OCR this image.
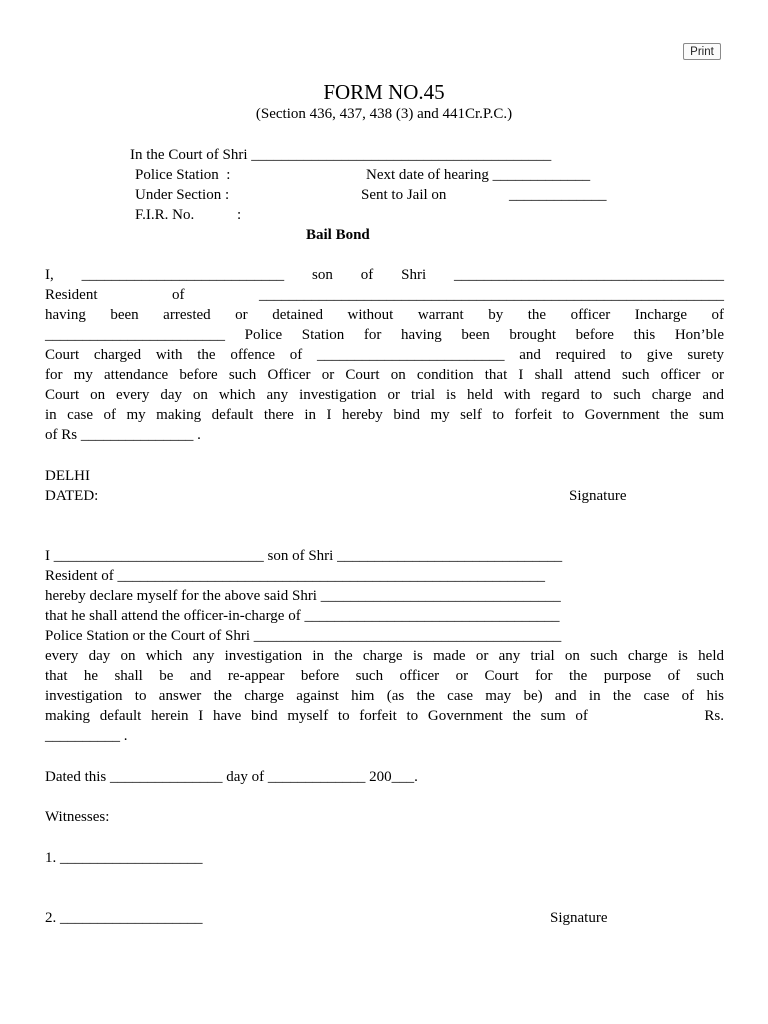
Print
FORM NO.45
(Section 436, 437, 438 (3) and 441Cr.P.C.)
In the Court of Shri ________________________________________
Police Station  :	Next date of hearing _____________
Under Section :	Sent to Jail on	_____________
F.I.R. No.	:
Bail Bond
I, ___________________________ son of Shri ____________________________________
Resident of ______________________________________________________________
having been arrested or detained without warrant by the officer Incharge of
________________________ Police Station for having been brought before this Hon’ble
Court charged with the offence of _________________________ and required to give surety
for my attendance before such Officer or Court on condition that I shall attend such officer or
Court on every day on which any investigation or trial is held with regard to such charge and
in case of my making default there in I hereby bind my self to forfeit to Government the sum
of Rs _______________ .
DELHI
DATED:	Signature
I ____________________________ son of Shri ______________________________
Resident of _________________________________________________________
hereby declare myself for the above said Shri ________________________________
that he shall attend the officer-in-charge of __________________________________
Police Station or the Court of Shri _________________________________________
every day on which any investigation in the charge is made or any trial on such charge is held
that he shall be and re-appear before such officer or Court for the purpose of such
investigation to answer the charge against him (as the case may be) and in the case of his
making default herein I have bind myself to forfeit to Government the sum of            Rs.
__________ .
Dated this _______________ day of _____________ 200___.
Witnesses:
1. ___________________
2. ___________________	Signature
